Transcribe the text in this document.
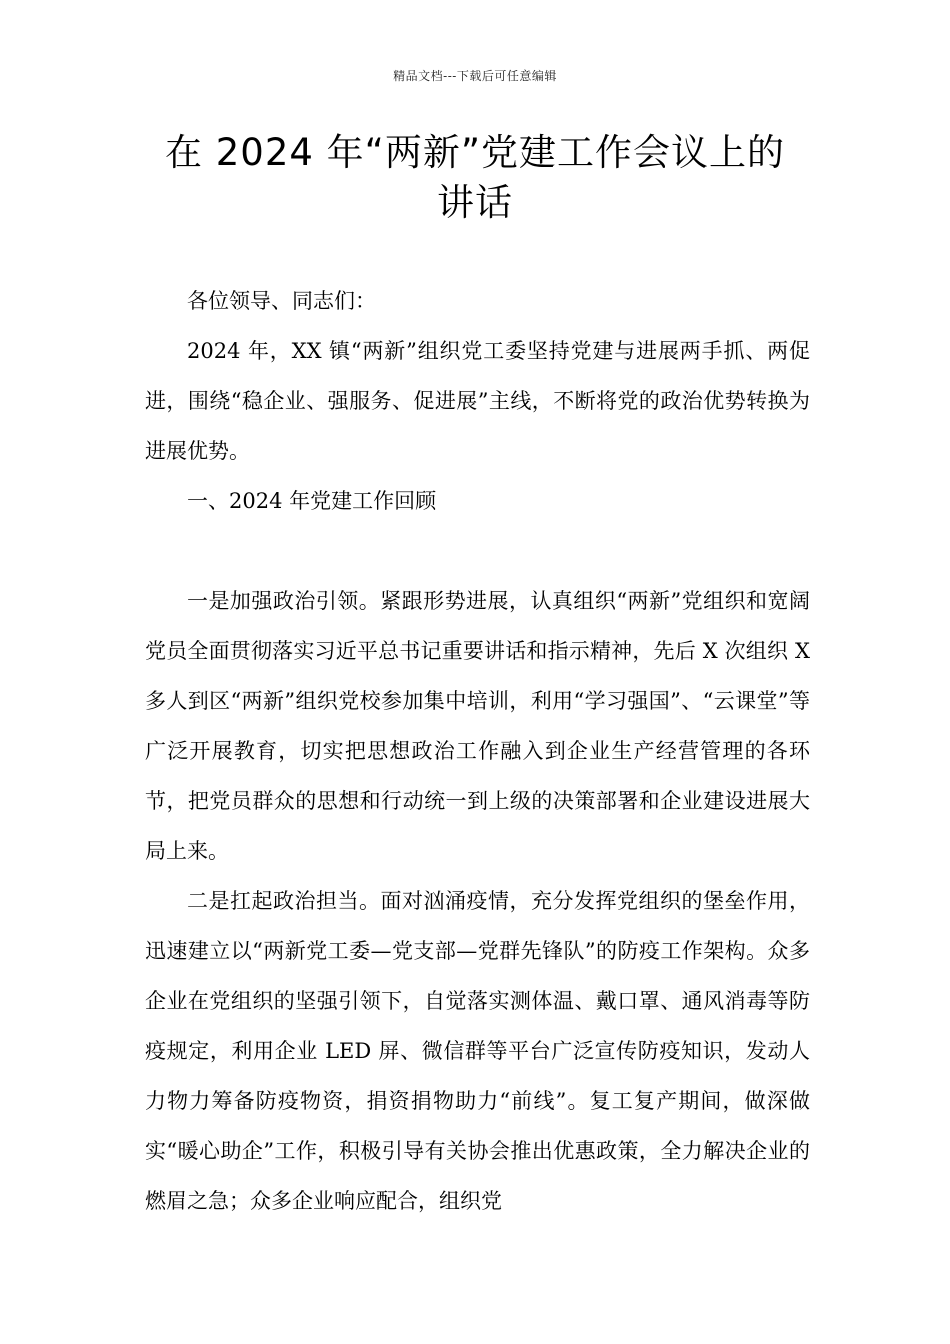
精品文档---下载后可任意编辑
在 2024 年“两新”党建工作会议上的
讲话

各位领导、同志们：

2024 年，XX 镇“两新”组织党工委坚持党建与进展两手抓、两促进，围绕“稳企业、强服务、促进展”主线，不断将党的政治优势转换为进展优势。

一、2024 年党建工作回顾

一是加强政治引领。紧跟形势进展，认真组织“两新”党组织和宽阔党员全面贯彻落实习近平总书记重要讲话和指示精神，先后 X 次组织 X 多人到区“两新”组织党校参加集中培训，利用“学习强国”、“云课堂”等广泛开展教育，切实把思想政治工作融入到企业生产经营管理的各环节，把党员群众的思想和行动统一到上级的决策部署和企业建设进展大局上来。

二是扛起政治担当。面对汹涌疫情，充分发挥党组织的堡垒作用，迅速建立以“两新党工委—党支部—党群先锋队”的防疫工作架构。众多企业在党组织的坚强引领下，自觉落实测体温、戴口罩、通风消毒等防疫规定，利用企业 LED 屏、微信群等平台广泛宣传防疫知识，发动人力物力筹备防疫物资，捐资捐物助力“前线”。复工复产期间，做深做实“暖心助企”工作，积极引导有关协会推出优惠政策，全力解决企业的燃眉之急；众多企业响应配合，组织党
